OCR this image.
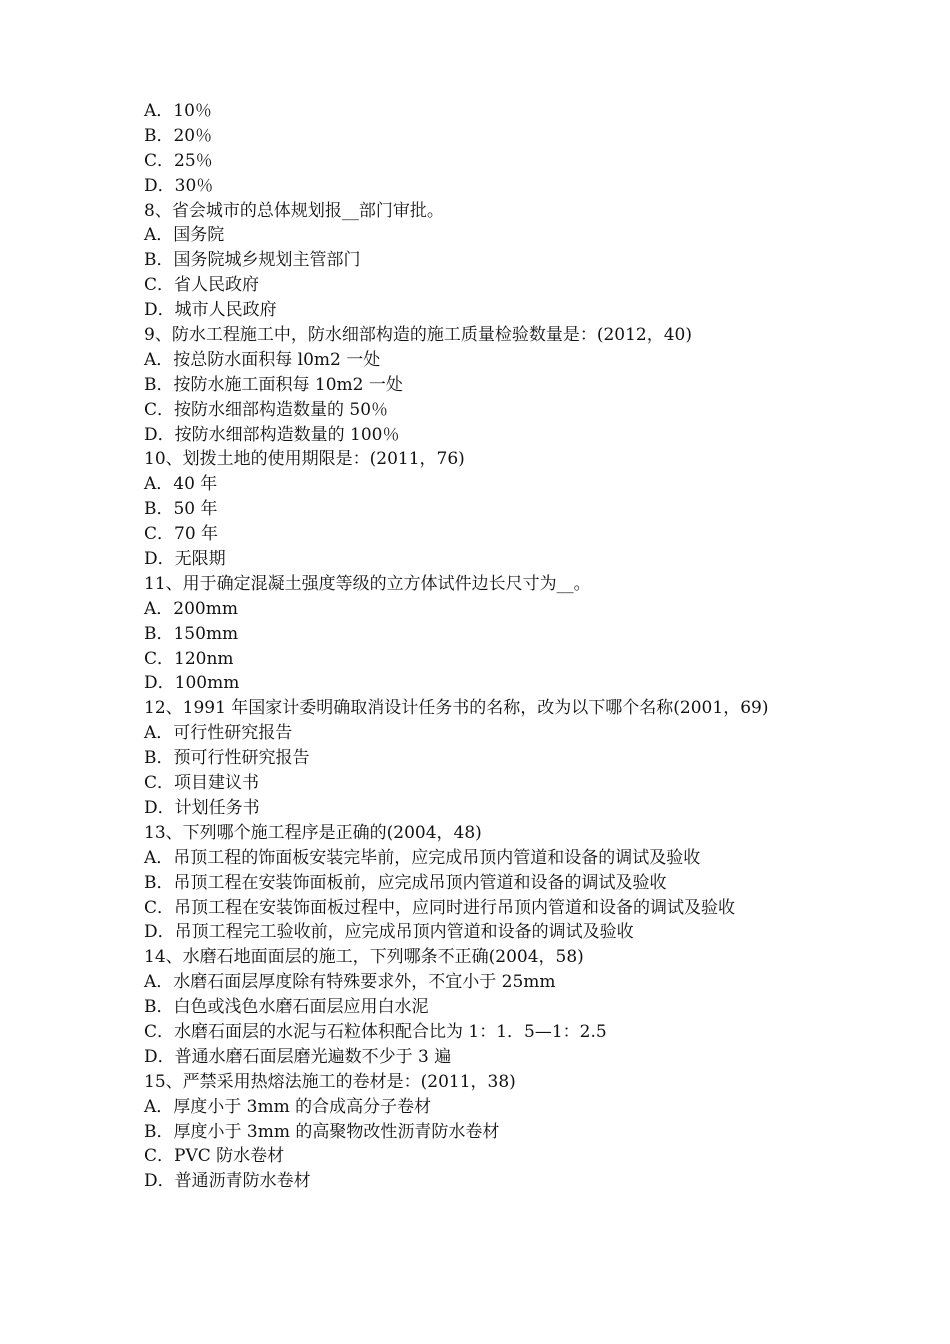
A．10％
B．20％
C．25％
D．30％
8、省会城市的总体规划报__部门审批。
A．国务院
B．国务院城乡规划主管部门
C．省人民政府
D．城市人民政府
9、防水工程施工中，防水细部构造的施工质量检验数量是：(2012，40)
A．按总防水面积每 l0m2 一处
B．按防水施工面积每 10m2 一处
C．按防水细部构造数量的 50％
D．按防水细部构造数量的 100％
10、划拨土地的使用期限是：(2011，76)
A．40 年
B．50 年
C．70 年
D．无限期
11、用于确定混凝土强度等级的立方体试件边长尺寸为__。
A．200mm
B．150mm
C．120nm
D．100mm
12、1991 年国家计委明确取消设计任务书的名称，改为以下哪个名称(2001，69)
A．可行性研究报告
B．预可行性研究报告
C．项目建议书
D．计划任务书
13、下列哪个施工程序是正确的(2004，48)
A．吊顶工程的饰面板安装完毕前，应完成吊顶内管道和设备的调试及验收
B．吊顶工程在安装饰面板前，应完成吊顶内管道和设备的调试及验收
C．吊顶工程在安装饰面板过程中，应同时进行吊顶内管道和设备的调试及验收
D．吊顶工程完工验收前，应完成吊顶内管道和设备的调试及验收
14、水磨石地面面层的施工，下列哪条不正确(2004，58)
A．水磨石面层厚度除有特殊要求外，不宜小于 25mm
B．白色或浅色水磨石面层应用白水泥
C．水磨石面层的水泥与石粒体积配合比为 1：1．5—1：2.5
D．普通水磨石面层磨光遍数不少于 3 遍
15、严禁采用热熔法施工的卷材是：(2011，38)
A．厚度小于 3mm 的合成高分子卷材
B．厚度小于 3mm 的高聚物改性沥青防水卷材
C．PVC 防水卷材
D．普通沥青防水卷材
